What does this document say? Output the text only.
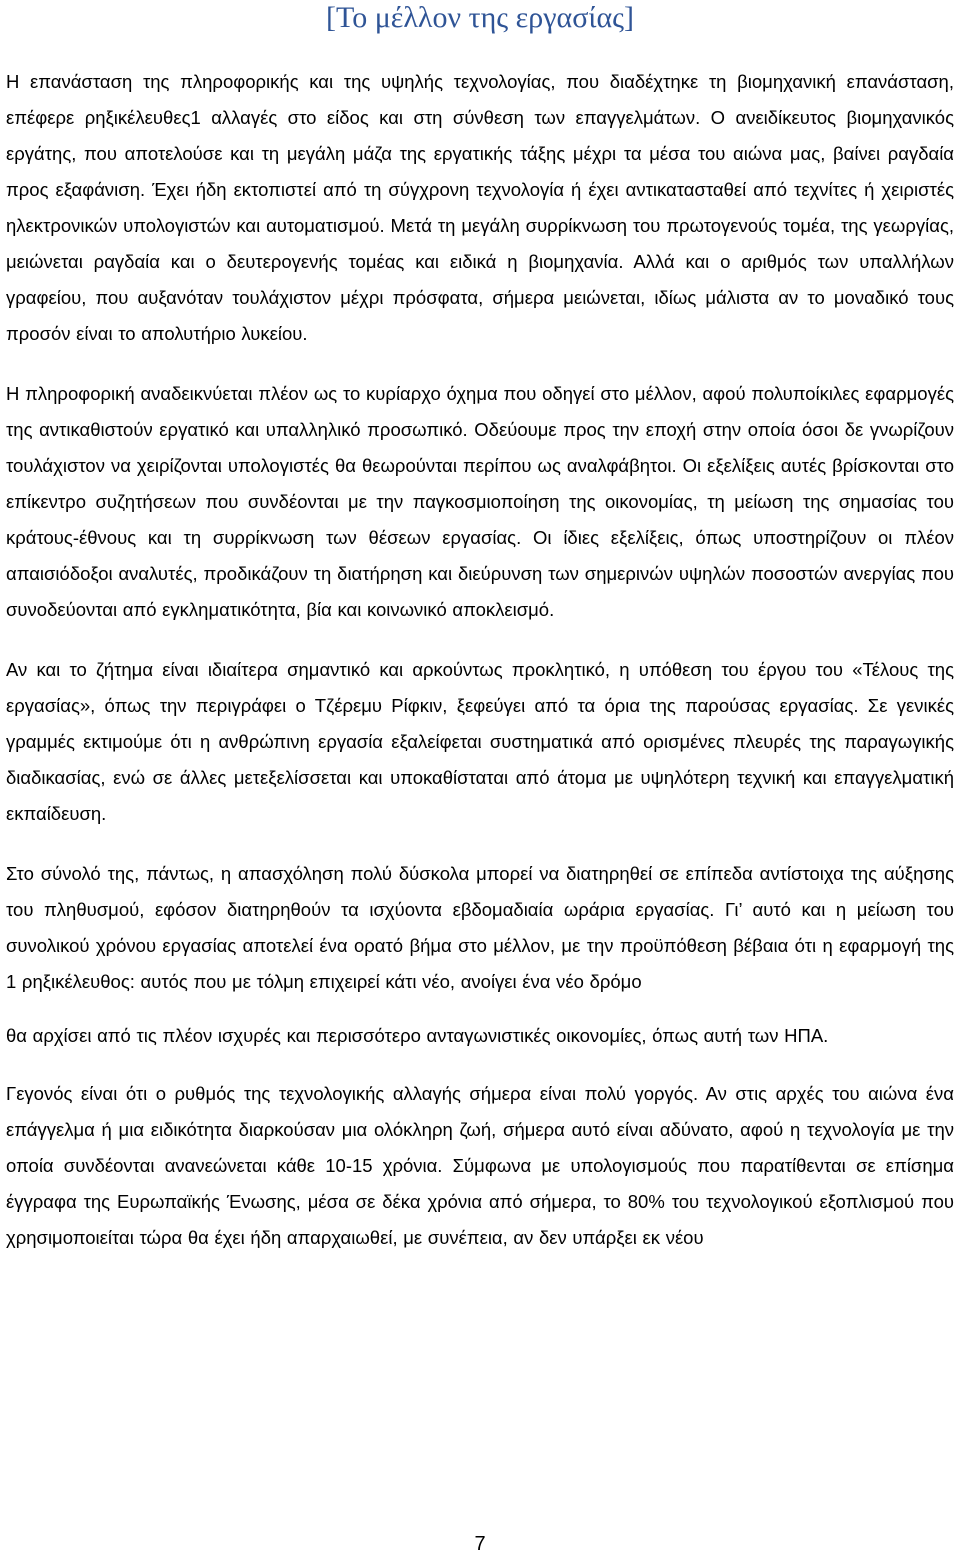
[Το μέλλον της εργασίας]

Η επανάσταση της πληροφορικής και της υψηλής τεχνολογίας, που διαδέχτηκε τη βιομηχανική επανάσταση, επέφερε ρηξικέλευθες1 αλλαγές στο είδος και στη σύνθεση των επαγγελμάτων. Ο ανειδίκευτος βιομηχανικός εργάτης, που αποτελούσε και τη μεγάλη μάζα της εργατικής τάξης μέχρι τα μέσα του αιώνα μας, βαίνει ραγδαία προς εξαφάνιση. Έχει ήδη εκτοπιστεί από τη σύγχρονη τεχνολογία ή έχει αντικατασταθεί από τεχνίτες ή χειριστές ηλεκτρονικών υπολογιστών και αυτοματισμού. Μετά τη μεγάλη συρρίκνωση του πρωτογενούς τομέα, της γεωργίας, μειώνεται ραγδαία και ο δευτερογενής τομέας και ειδικά η βιομηχανία. Αλλά και ο αριθμός των υπαλλήλων γραφείου, που αυξανόταν τουλάχιστον μέχρι πρόσφατα, σήμερα μειώνεται, ιδίως μάλιστα αν το μοναδικό τους προσόν είναι το απολυτήριο λυκείου.

Η πληροφορική αναδεικνύεται πλέον ως το κυρίαρχο όχημα που οδηγεί στο μέλλον, αφού πολυποίκιλες εφαρμογές της αντικαθιστούν εργατικό και υπαλληλικό προσωπικό. Οδεύουμε προς την εποχή στην οποία όσοι δε γνωρίζουν τουλάχιστον να χειρίζονται υπολογιστές θα θεωρούνται περίπου ως αναλφάβητοι. Οι εξελίξεις αυτές βρίσκονται στο επίκεντρο συζητήσεων που συνδέονται με την παγκοσμιοποίηση της οικονομίας, τη μείωση της σημασίας του κράτους-έθνους και τη συρρίκνωση των θέσεων εργασίας. Οι ίδιες εξελίξεις, όπως υποστηρίζουν οι πλέον απαισιόδοξοι αναλυτές, προδικάζουν τη διατήρηση και διεύρυνση των σημερινών υψηλών ποσοστών ανεργίας που συνοδεύονται από εγκληματικότητα, βία και κοινωνικό αποκλεισμό.

Αν και το ζήτημα είναι ιδιαίτερα σημαντικό και αρκούντως προκλητικό, η υπόθεση του έργου του «Τέλους της εργασίας», όπως την περιγράφει ο Τζέρεμυ Ρίφκιν, ξεφεύγει από τα όρια της παρούσας εργασίας. Σε γενικές γραμμές εκτιμούμε ότι η ανθρώπινη εργασία εξαλείφεται συστηματικά από ορισμένες πλευρές της παραγωγικής διαδικασίας, ενώ σε άλλες μετεξελίσσεται και υποκαθίσταται από άτομα με υψηλότερη τεχνική και επαγγελματική εκπαίδευση.

Στο σύνολό της, πάντως, η απασχόληση πολύ δύσκολα μπορεί να διατηρηθεί σε επίπεδα αντίστοιχα της αύξησης του πληθυσμού, εφόσον διατηρηθούν τα ισχύοντα εβδομαδιαία ωράρια εργασίας. Γι’ αυτό και η μείωση του συνολικού χρόνου εργασίας αποτελεί ένα ορατό βήμα στο μέλλον, με την προϋπόθεση βέβαια ότι η εφαρμογή της 1 ρηξικέλευθος: αυτός που με τόλμη επιχειρεί κάτι νέο, ανοίγει ένα νέο δρόμο

θα αρχίσει από τις πλέον ισχυρές και περισσότερο ανταγωνιστικές οικονομίες, όπως αυτή των ΗΠΑ.

Γεγονός είναι ότι ο ρυθμός της τεχνολογικής αλλαγής σήμερα είναι πολύ γοργός. Αν στις αρχές του αιώνα ένα επάγγελμα ή μια ειδικότητα διαρκούσαν μια ολόκληρη ζωή, σήμερα αυτό είναι αδύνατο, αφού η τεχνολογία με την οποία συνδέονται ανανεώνεται κάθε 10-15 χρόνια. Σύμφωνα με υπολογισμούς που παρατίθενται σε επίσημα έγγραφα της Ευρωπαϊκής Ένωσης, μέσα σε δέκα χρόνια από σήμερα, το 80% του τεχνολογικού εξοπλισμού που χρησιμοποιείται τώρα θα έχει ήδη απαρχαιωθεί, με συνέπεια, αν δεν υπάρξει εκ νέου

7
